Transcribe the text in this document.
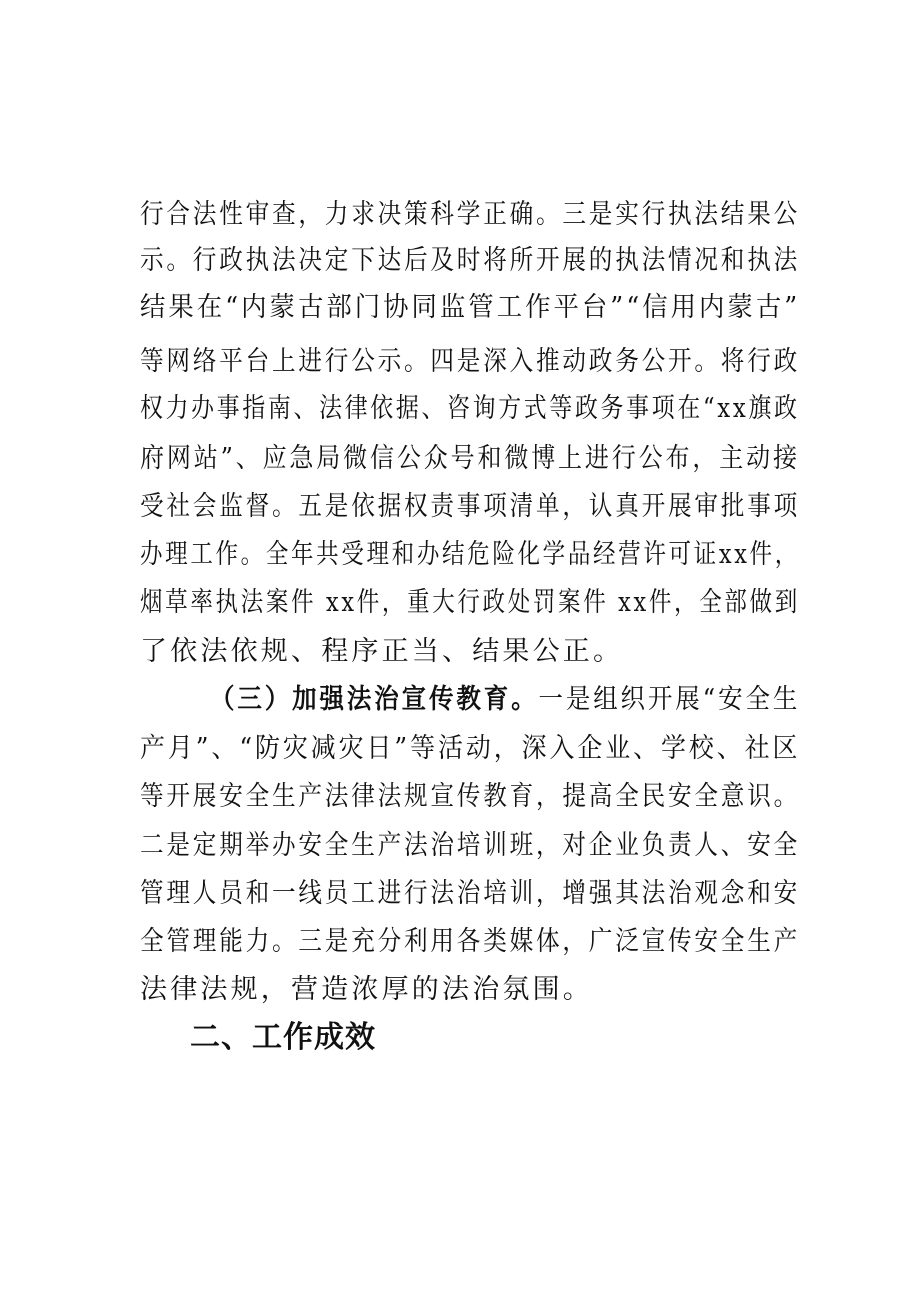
行合法性审查，力求决策科学正确。三是实行执法结果公
示。行政执法决定下达后及时将所开展的执法情况和执法
结果在“内蒙古部门协同监管工作平台”“信用内蒙古”
等网络平台上进行公示。四是深入推动政务公开。将行政
权力办事指南、法律依据、咨询方式等政务事项在“xx旗政
府网站”、应急局微信公众号和微博上进行公布，主动接
受社会监督。五是依据权责事项清单，认真开展审批事项
办理工作。全年共受理和办结危险化学品经营许可证xx件，
烟草率执法案件 xx件，重大行政处罚案件 xx件，全部做到
了依法依规、程序正当、结果公正。
（三）加强法治宣传教育。一是组织开展“安全生
产月”、“防灾减灾日”等活动，深入企业、学校、社区
等开展安全生产法律法规宣传教育，提高全民安全意识。
二是定期举办安全生产法治培训班，对企业负责人、安全
管理人员和一线员工进行法治培训，增强其法治观念和安
全管理能力。三是充分利用各类媒体，广泛宣传安全生产
法律法规，营造浓厚的法治氛围。
二、工作成效
